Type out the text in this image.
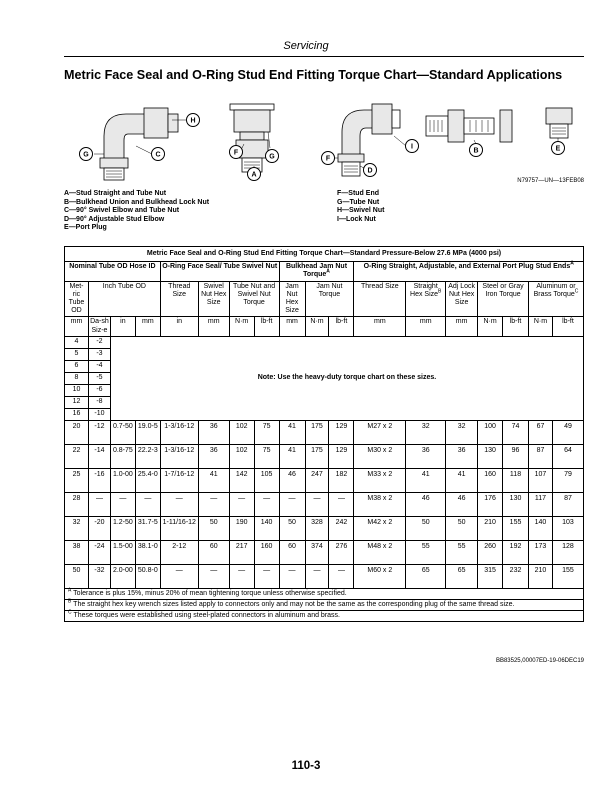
Servicing
Metric Face Seal and O-Ring Stud End Fitting Torque Chart—Standard Applications
H
G	C	F
G
A
I
F
D
B	E
N79757—UN—13FEB08
A—Stud Straight and Tube Nut
B—Bulkhead Union and Bulkhead Lock Nut
C—90° Swivel Elbow and Tube Nut
D—90° Adjustable Stud Elbow
E—Port Plug
F—Stud End
G—Tube Nut
H—Swivel Nut
I—Lock Nut
Metric Face Seal and O-Ring Stud End Fitting Torque Chart—Standard Pressure-Below 27.6 MPa (4000 psi)																	
Nominal Tube OD Hose ID				O-Ring Face Seal/ Tube Swivel Nut				Bulkhead Jam Nut Torque$^A$			O-Ring Straight, Adjustable, and External Port Plug Stud Ends$^A$
Met-ric Tube OD	Inch Tube OD			Thread Size	Swivel Nut Hex Size	Tube Nut and Swivel Nut Torque		Jam Nut Hex Size	Jam Nut Torque		Thread Size	Straight Hex Size$^B$	Adj Lock Nut Hex Size	Steel or Gray Iron Torque		Aluminum or Brass Torque$^C$
mm	Da-sh Siz-e	in	mm	in	mm	N·m	lb-ft	mm	N·m	lb-ft	mm	mm	mm	N·m	lb-ft	N·m	lb-ft
4	-2	Note: Use the heavy-duty torque chart on these sizes.															
5	-3																
6	-4																
8	-5																
10	-6																
12	-8																
16	-10																
20	-12	0.7-50	19.0-5	1-3/16-12	36	102	75	41	175	129	M27 x 2	32	32	100	74	67	49
22	-14	0.8-75	22.2-3	1-3/16-12	36	102	75	41	175	129	M30 x 2	36	36	130	96	87	64
25	-16	1.0-00	25.4-0	1-7/16-12	41	142	105	46	247	182	M33 x 2	41	41	160	118	107	79
28	—	—	—	—	—	—	—	—	—	—	M38 x 2	46	46	176	130	117	87
32	-20	1.2-50	31.7-5	1-11/16-12	50	190	140	50	328	242	M42 x 2	50	50	210	155	140	103
38	-24	1.5-00	38.1-0	2-12	60	217	160	60	374	276	M48 x 2	55	55	260	192	173	128
50	-32	2.0-00	50.8-0	—	—	—	—	—	—	—	M60 x 2	65	65	315	232	210	155
$^A$ Tolerance is plus 15%, minus 20% of mean tightening torque unless otherwise specified.																	
$^B$ The straight hex key wrench sizes listed apply to connectors only and may not be the same as the corresponding plug of the same thread size.																	
$^C$ These torques were established using steel-plated connectors in aluminum and brass.																	
BB83525,00007ED-19-06DEC19
110-3
